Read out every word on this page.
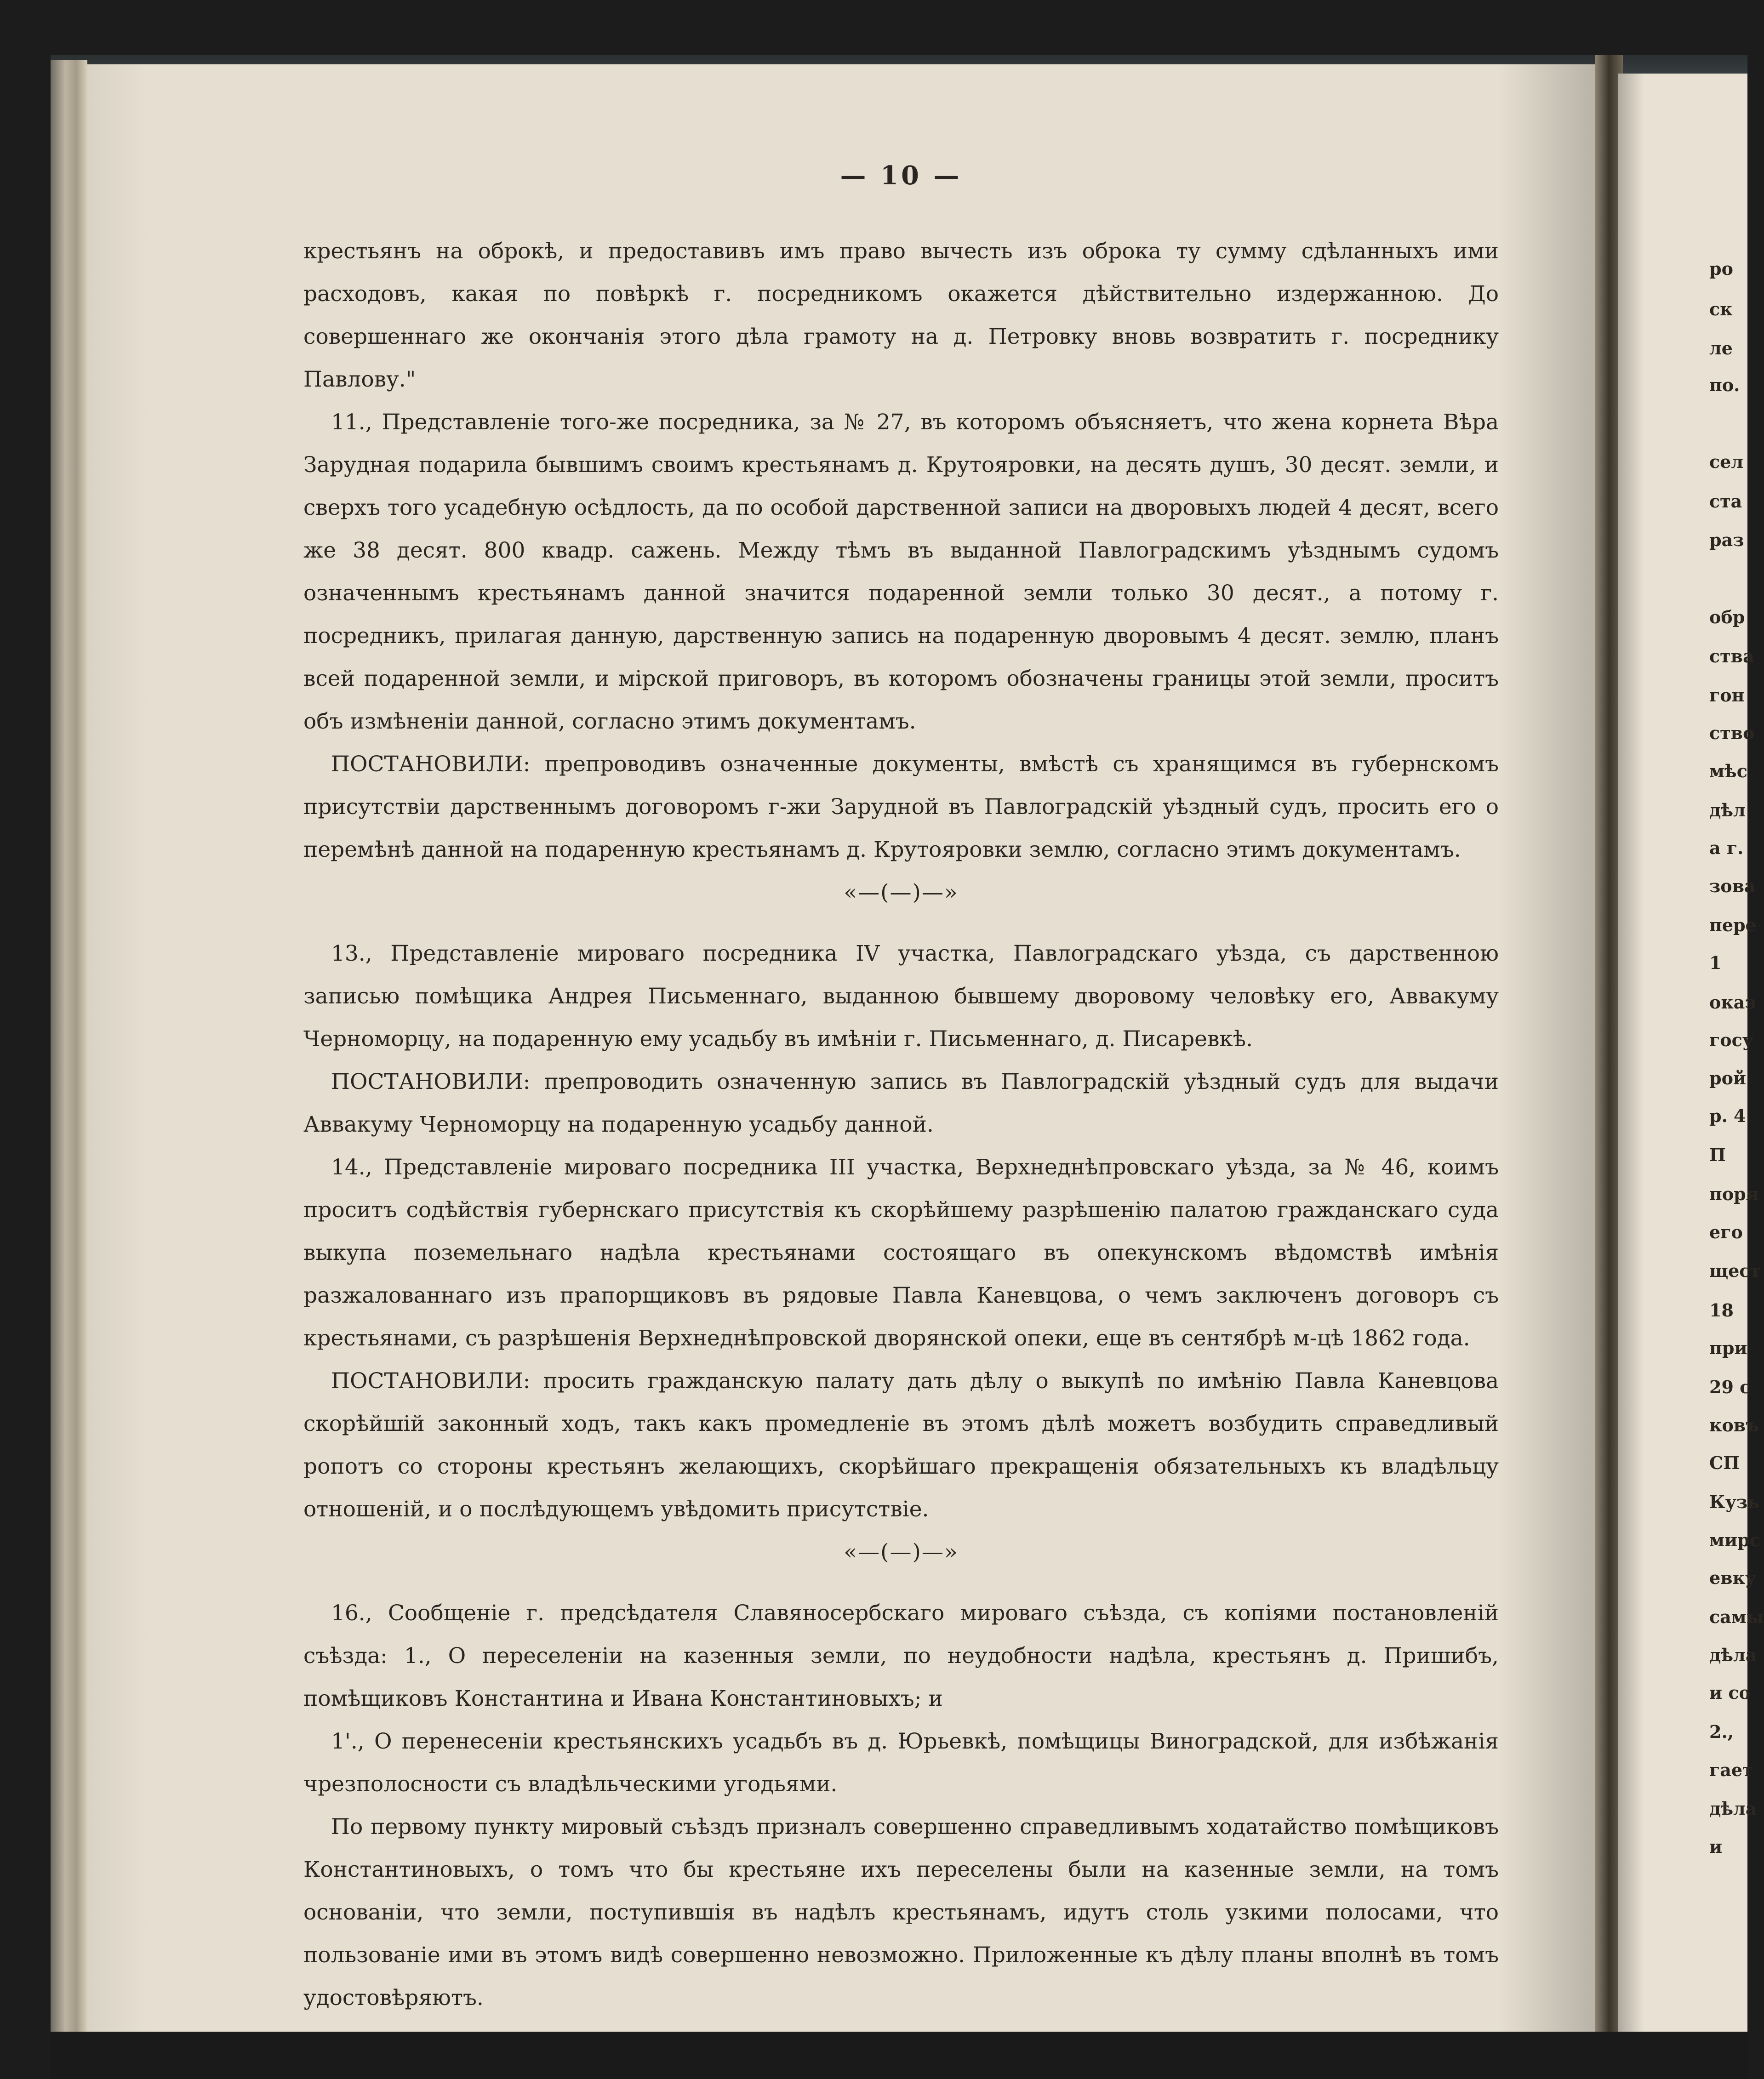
ро
ск
ле
по.
сел
ста
раз
обр
ства
гон
ство
мѣс
дѣл
а г.
зова
пере
1
оказ
госу
рой
р. 4
П
поря
его
щест
18
при
29 с
ковъ
СП
Кузь
мирс
евку
самы
дѣла
и со
2.,
гает
дѣла
и
— 10 —

крестьянъ на оброкѣ, и предоставивъ имъ право вычесть изъ оброка ту сумму сдѣланныхъ ими расходовъ, какая по повѣркѣ г. посредникомъ окажется дѣйствительно издержанною. До совершеннаго же окончанія этого дѣла грамоту на д. Петровку вновь возвратить г. посреднику Павлову."

11., Представленіе того-же посредника, за № 27, въ которомъ объясняетъ, что жена корнета Вѣра Зарудная подарила бывшимъ своимъ крестьянамъ д. Крутояровки, на десять душъ, 30 десят. земли, и сверхъ того усадебную осѣдлость, да по особой дарственной записи на дворовыхъ людей 4 десят, всего же 38 десят. 800 квадр. сажень. Между тѣмъ въ выданной Павлоградскимъ уѣзднымъ судомъ означеннымъ крестьянамъ данной значится подаренной земли только 30 десят., а потому г. посредникъ, прилагая данную, дарственную запись на подаренную дворовымъ 4 десят. землю, планъ всей подаренной земли, и мірской приговоръ, въ которомъ обозначены границы этой земли, проситъ объ измѣненіи данной, согласно этимъ документамъ.

ПОСТАНОВИЛИ: препроводивъ означенные документы, вмѣстѣ съ хранящимся въ губернскомъ присутствіи дарственнымъ договоромъ г-жи Зарудной въ Павлоградскій уѣздный судъ, просить его о перемѣнѣ данной на подаренную крестьянамъ д. Крутояровки землю, согласно этимъ документамъ.

«—(—)—»

13., Представленіе мироваго посредника IV участка, Павлоградскаго уѣзда, съ дарственною записью помѣщика Андрея Письменнаго, выданною бывшему дворовому человѣку его, Аввакуму Черноморцу, на подаренную ему усадьбу въ имѣніи г. Письменнаго, д. Писаревкѣ.

ПОСТАНОВИЛИ: препроводить означенную запись въ Павлоградскій уѣздный судъ для выдачи Аввакуму Черноморцу на подаренную усадьбу данной.

14., Представленіе мироваго посредника III участка, Верхнеднѣпровскаго уѣзда, за № 46, коимъ проситъ содѣйствія губернскаго присутствія къ скорѣйшему разрѣшенію палатою гражданскаго суда выкупа поземельнаго надѣла крестьянами состоящаго въ опекунскомъ вѣдомствѣ имѣнія разжалованнаго изъ прапорщиковъ въ рядовые Павла Каневцова, о чемъ заключенъ договоръ съ крестьянами, съ разрѣшенія Верхнеднѣпровской дворянской опеки, еще въ сентябрѣ м-цѣ 1862 года.

ПОСТАНОВИЛИ: просить гражданскую палату дать дѣлу о выкупѣ по имѣнію Павла Каневцова скорѣйшій законный ходъ, такъ какъ промедленіе въ этомъ дѣлѣ можетъ возбудить справедливый ропотъ со стороны крестьянъ желающихъ, скорѣйшаго прекращенія обязательныхъ къ владѣльцу отношеній, и о послѣдующемъ увѣдомить присутствіе.

«—(—)—»

16., Сообщеніе г. предсѣдателя Славяносербскаго мироваго съѣзда, съ копіями постановленій съѣзда: 1., О переселеніи на казенныя земли, по неудобности надѣла, крестьянъ д. Пришибъ, помѣщиковъ Константина и Ивана Константиновыхъ; и

1'., О перенесеніи крестьянскихъ усадьбъ въ д. Юрьевкѣ, помѣщицы Виноградской, для избѣжанія чрезполосности съ владѣльческими угодьями.

По первому пункту мировый съѣздъ призналъ совершенно справедливымъ ходатайство помѣщиковъ Константиновыхъ, о томъ что бы крестьяне ихъ переселены были на казенные земли, на томъ основаніи, что земли, поступившія въ надѣлъ крестьянамъ, идутъ столь узкими полосами, что пользованіе ими въ этомъ видѣ совершенно невозможно. Приложенные къ дѣлу планы вполнѣ въ томъ удостовѣряютъ.
